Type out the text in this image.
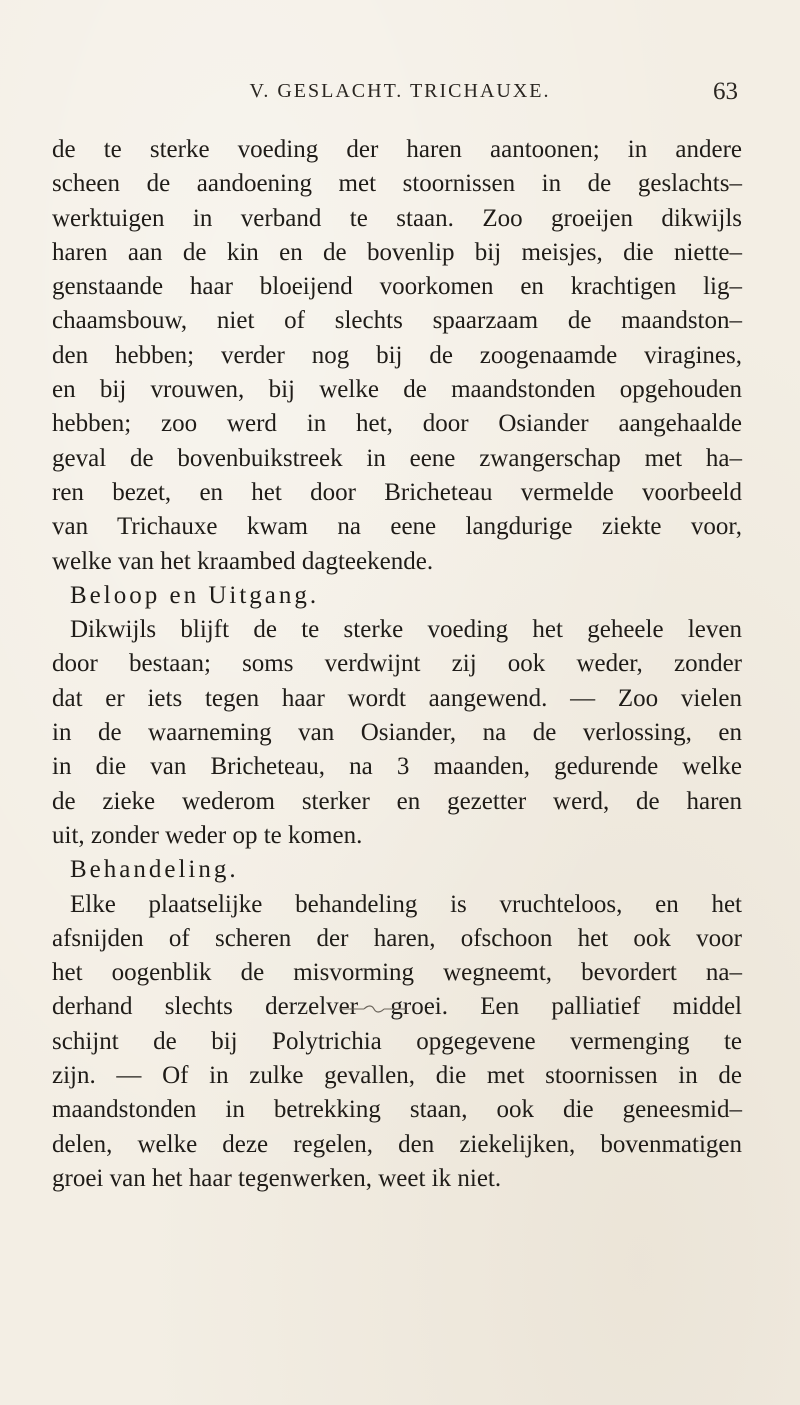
V. GESLACHT. TRICHAUXE.	63
de te sterke voeding der haren aantoonen; in andere
scheen de aandoening met stoornissen in de geslachts–
werktuigen in verband te staan. Zoo groeijen dikwijls
haren aan de kin en de bovenlip bij meisjes, die niette–
genstaande haar bloeijend voorkomen en krachtigen lig–
chaamsbouw, niet of slechts spaarzaam de maandston–
den hebben; verder nog bij de zoogenaamde viragines,
en bij vrouwen, bij welke de maandstonden opgehouden
hebben; zoo werd in het, door Osiander aangehaalde
geval de bovenbuikstreek in eene zwangerschap met ha–
ren bezet, en het door Bricheteau vermelde voorbeeld
van Trichauxe kwam na eene langdurige ziekte voor,
welke van het kraambed dagteekende.
Beloop en Uitgang.
Dikwijls blijft de te sterke voeding het geheele leven
door bestaan; soms verdwijnt zij ook weder, zonder
dat er iets tegen haar wordt aangewend. — Zoo vielen
in de waarneming van Osiander, na de verlossing, en
in die van Bricheteau, na 3 maanden, gedurende welke
de zieke wederom sterker en gezetter werd, de haren
uit, zonder weder op te komen.
Behandeling.
Elke plaatselijke behandeling is vruchteloos, en het
afsnijden of scheren der haren, ofschoon het ook voor
het oogenblik de misvorming wegneemt, bevordert na–
derhand slechts derzelver groei. Een palliatief middel
schijnt de bij Polytrichia opgegevene vermenging te
zijn. — Of in zulke gevallen, die met stoornissen in de
maandstonden in betrekking staan, ook die geneesmid–
delen, welke deze regelen, den ziekelijken, bovenmatigen
groei van het haar tegenwerken, weet ik niet.
